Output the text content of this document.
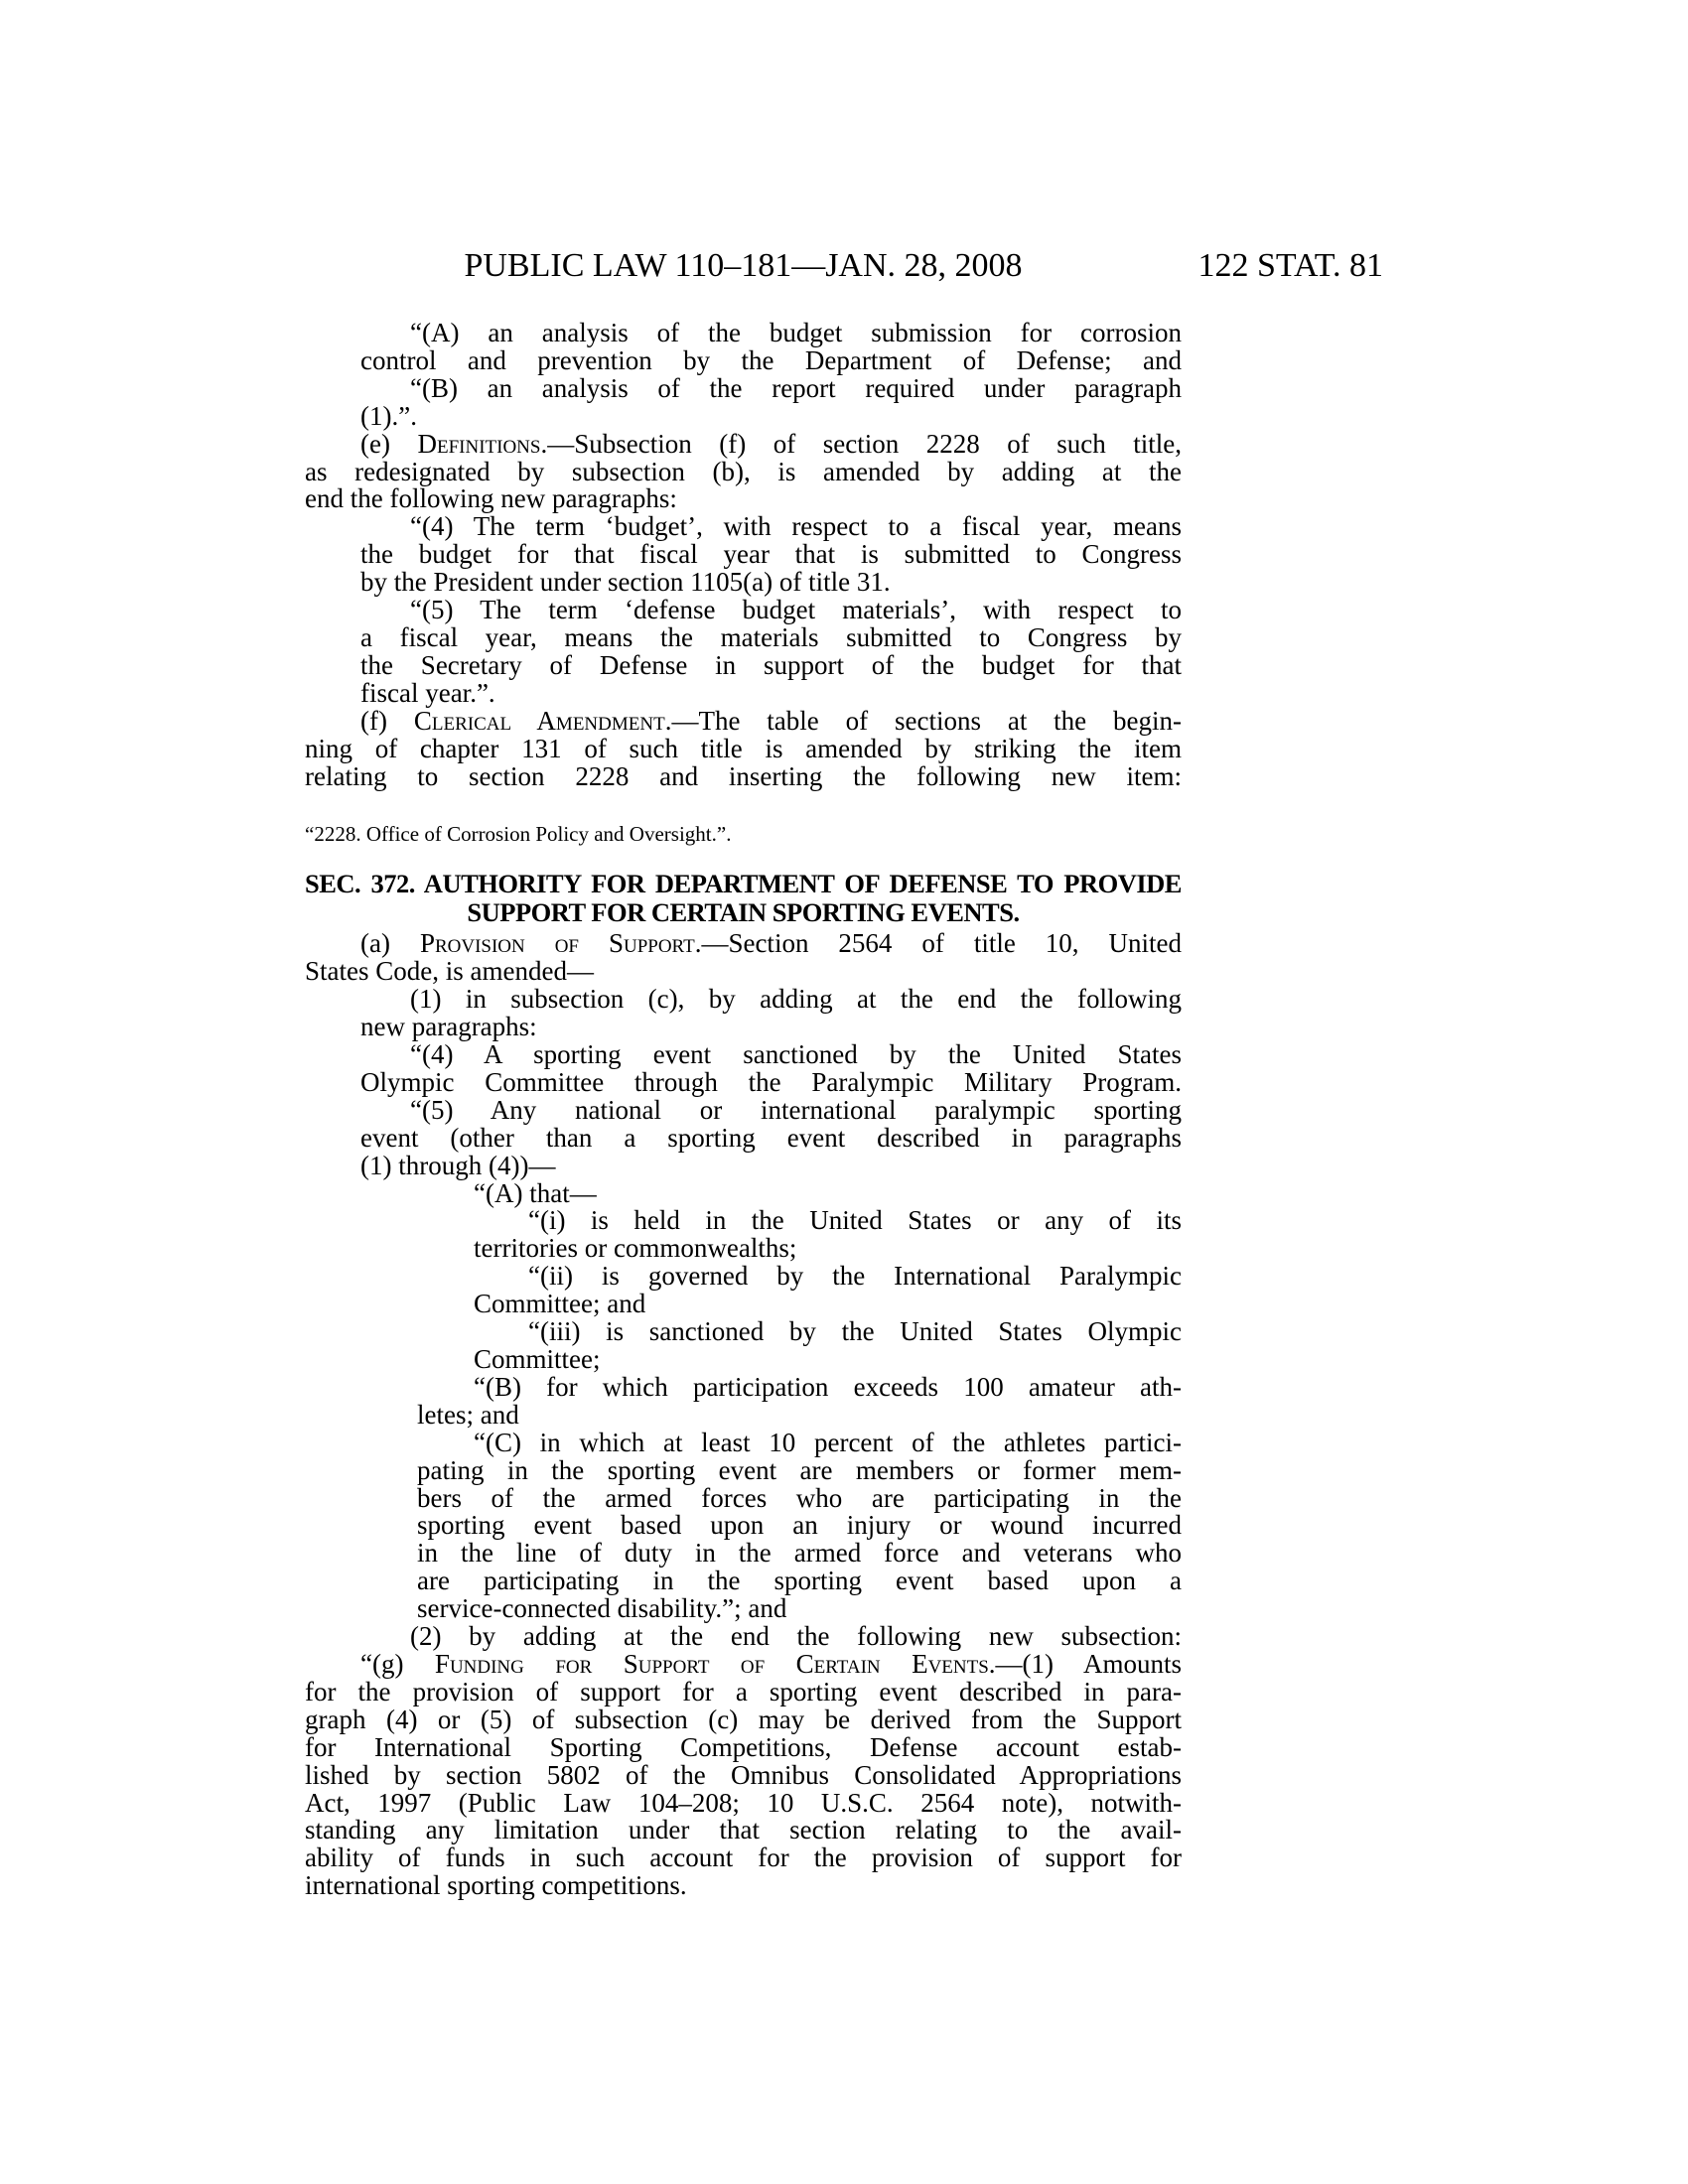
PUBLIC LAW 110–181—JAN. 28, 2008	122 STAT. 81
“(A) an analysis of the budget submission for corrosion
control and prevention by the Department of Defense; and
“(B) an analysis of the report required under paragraph
(1).”.
(e) Definitions.—Subsection (f) of section 2228 of such title,
as redesignated by subsection (b), is amended by adding at the
end the following new paragraphs:
“(4) The term ‘budget’, with respect to a fiscal year, means
the budget for that fiscal year that is submitted to Congress
by the President under section 1105(a) of title 31.
“(5) The term ‘defense budget materials’, with respect to
a fiscal year, means the materials submitted to Congress by
the Secretary of Defense in support of the budget for that
fiscal year.”.
(f) Clerical Amendment.—The table of sections at the begin-
ning of chapter 131 of such title is amended by striking the item
relating to section 2228 and inserting the following new item:
“2228. Office of Corrosion Policy and Oversight.”.
SEC. 372. AUTHORITY FOR DEPARTMENT OF DEFENSE TO PROVIDE
SUPPORT FOR CERTAIN SPORTING EVENTS.
(a) Provision of Support.—Section 2564 of title 10, United
States Code, is amended—
(1) in subsection (c), by adding at the end the following
new paragraphs:
“(4) A sporting event sanctioned by the United States
Olympic Committee through the Paralympic Military Program.
“(5) Any national or international paralympic sporting
event (other than a sporting event described in paragraphs
(1) through (4))—
“(A) that—
“(i) is held in the United States or any of its
territories or commonwealths;
“(ii) is governed by the International Paralympic
Committee; and
“(iii) is sanctioned by the United States Olympic
Committee;
“(B) for which participation exceeds 100 amateur ath-
letes; and
“(C) in which at least 10 percent of the athletes partici-
pating in the sporting event are members or former mem-
bers of the armed forces who are participating in the
sporting event based upon an injury or wound incurred
in the line of duty in the armed force and veterans who
are participating in the sporting event based upon a
service-connected disability.”; and
(2) by adding at the end the following new subsection:
“(g) Funding for Support of Certain Events.—(1) Amounts
for the provision of support for a sporting event described in para-
graph (4) or (5) of subsection (c) may be derived from the Support
for International Sporting Competitions, Defense account estab-
lished by section 5802 of the Omnibus Consolidated Appropriations
Act, 1997 (Public Law 104–208; 10 U.S.C. 2564 note), notwith-
standing any limitation under that section relating to the avail-
ability of funds in such account for the provision of support for
international sporting competitions.
